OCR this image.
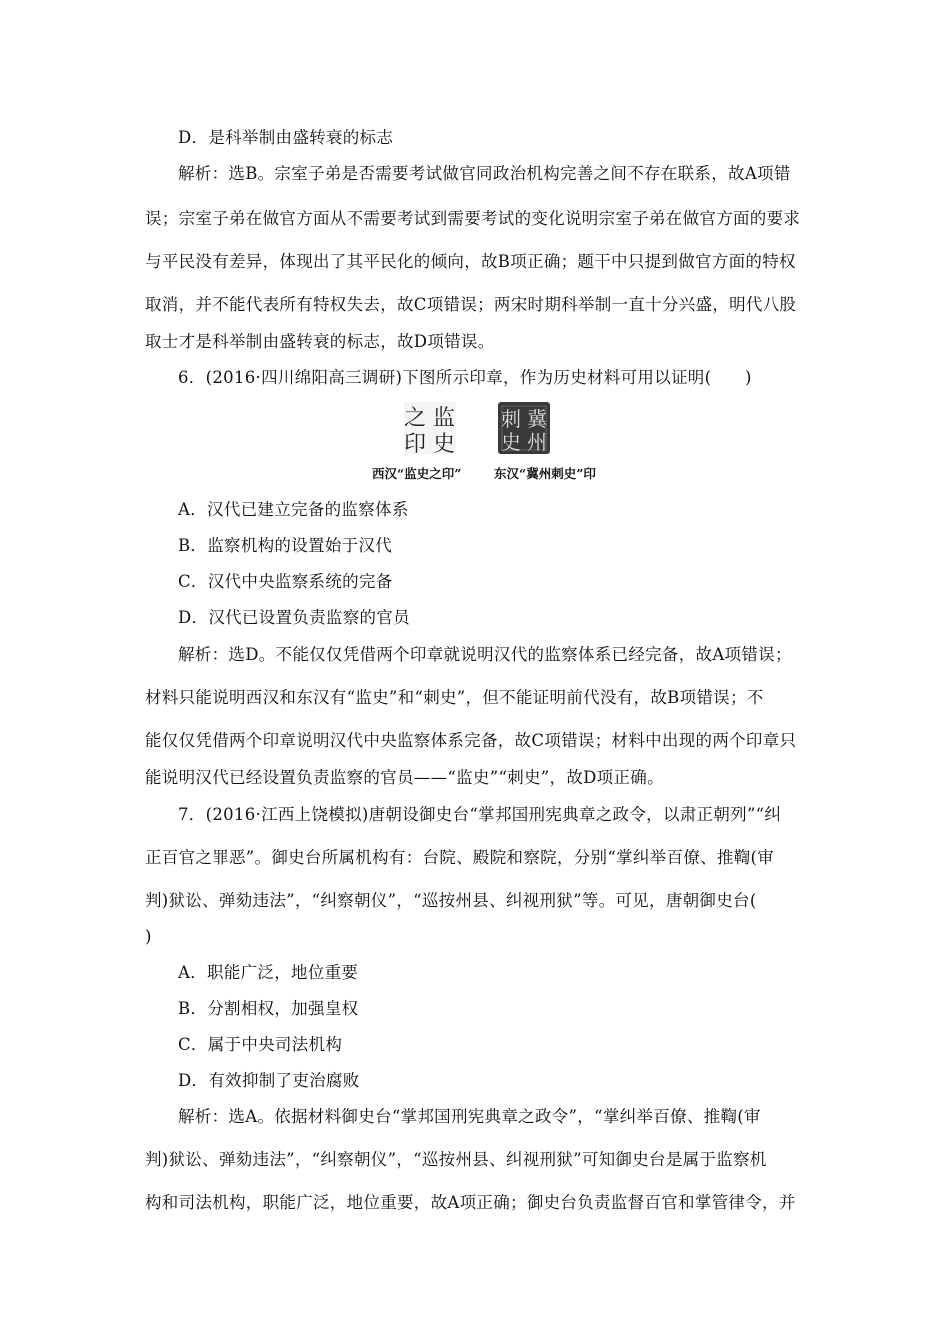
D．是科举制由盛转衰的标志
解析：选B。宗室子弟是否需要考试做官同政治机构完善之间不存在联系，故A项错
误；宗室子弟在做官方面从不需要考试到需要考试的变化说明宗室子弟在做官方面的要求
与平民没有差异，体现出了其平民化的倾向，故B项正确；题干中只提到做官方面的特权
取消，并不能代表所有特权失去，故C项错误；两宋时期科举制一直十分兴盛，明代八股
取士才是科举制由盛转衰的标志，故D项错误。
6．(2016·四川绵阳高三调研)下图所示印章，作为历史材料可用以证明(　　)
之 监
印 史
刺 冀
史 州
西汉“监史之印”	东汉“冀州刺史”印
A．汉代已建立完备的监察体系
B．监察机构的设置始于汉代
C．汉代中央监察系统的完备
D．汉代已设置负责监察的官员
解析：选D。不能仅仅凭借两个印章就说明汉代的监察体系已经完备，故A项错误；
材料只能说明西汉和东汉有“监史”和“刺史”，但不能证明前代没有，故B项错误；不
能仅仅凭借两个印章说明汉代中央监察体系完备，故C项错误；材料中出现的两个印章只
能说明汉代已经设置负责监察的官员——“监史”“刺史”，故D项正确。
7．(2016·江西上饶模拟)唐朝设御史台“掌邦国刑宪典章之政令，以肃正朝列”“纠
正百官之罪恶”。御史台所属机构有：台院、殿院和察院，分别“掌纠举百僚、推鞫(审
判)狱讼、弹劾违法”，“纠察朝仪”，“巡按州县、纠视刑狱”等。可见，唐朝御史台(
)
A．职能广泛，地位重要
B．分割相权，加强皇权
C．属于中央司法机构
D．有效抑制了吏治腐败
解析：选A。依据材料御史台“掌邦国刑宪典章之政令”，“掌纠举百僚、推鞫(审
判)狱讼、弹劾违法”，“纠察朝仪”，“巡按州县、纠视刑狱”可知御史台是属于监察机
构和司法机构，职能广泛，地位重要，故A项正确；御史台负责监督百官和掌管律令，并
